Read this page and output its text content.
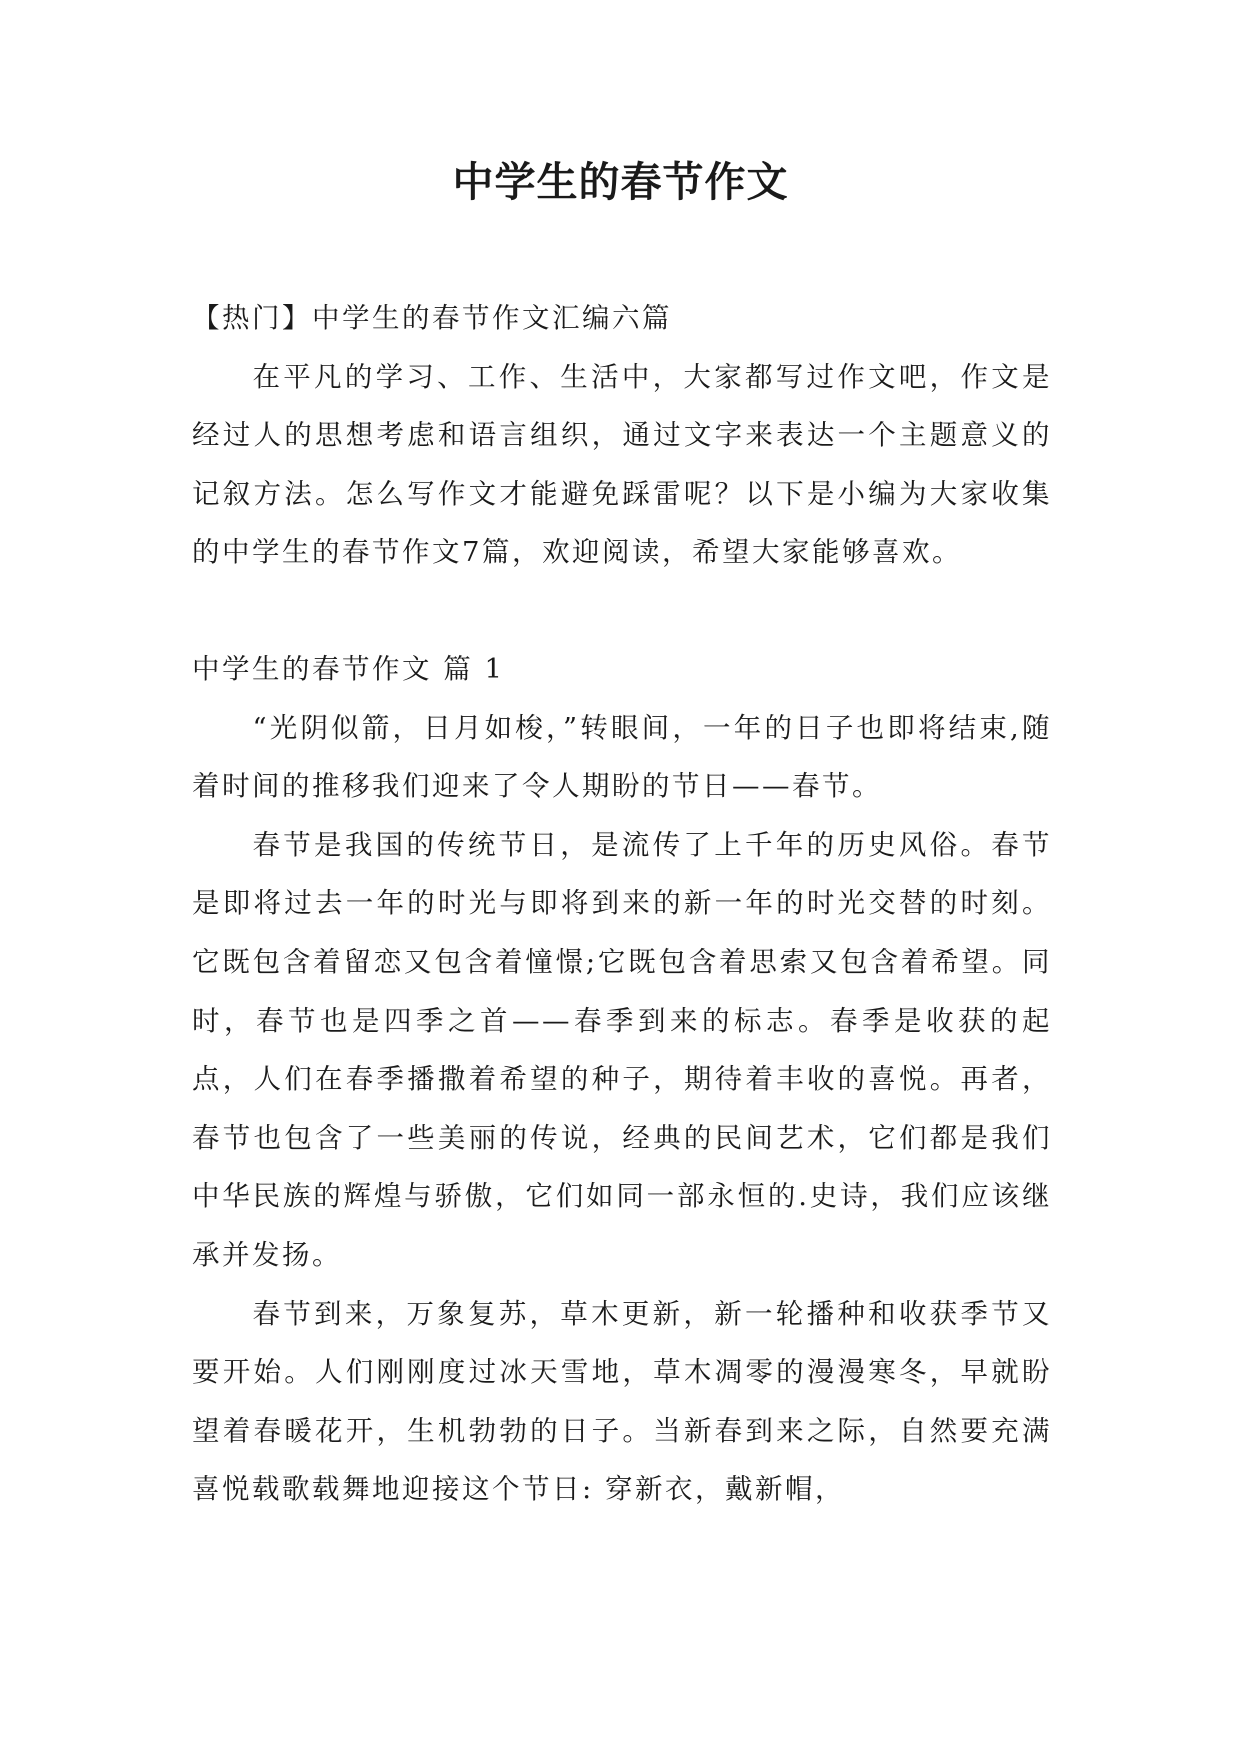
中学生的春节作文

【热门】中学生的春节作文汇编六篇

在平凡的学习、工作、生活中，大家都写过作文吧，作文是经过人的思想考虑和语言组织，通过文字来表达一个主题意义的记叙方法。怎么写作文才能避免踩雷呢？以下是小编为大家收集的中学生的春节作文7篇，欢迎阅读，希望大家能够喜欢。

中学生的春节作文 篇 1

“光阴似箭，日月如梭，”转眼间，一年的日子也即将结束,随着时间的推移我们迎来了令人期盼的节日——春节。

春节是我国的传统节日，是流传了上千年的历史风俗。春节是即将过去一年的时光与即将到来的新一年的时光交替的时刻。它既包含着留恋又包含着憧憬;它既包含着思索又包含着希望。同时，春节也是四季之首——春季到来的标志。春季是收获的起点，人们在春季播撒着希望的种子，期待着丰收的喜悦。再者，春节也包含了一些美丽的传说，经典的民间艺术，它们都是我们中华民族的辉煌与骄傲，它们如同一部永恒的.史诗，我们应该继承并发扬。

春节到来，万象复苏，草木更新，新一轮播种和收获季节又要开始。人们刚刚度过冰天雪地，草木凋零的漫漫寒冬，早就盼望着春暖花开，生机勃勃的日子。当新春到来之际，自然要充满喜悦载歌载舞地迎接这个节日: 穿新衣，戴新帽，
